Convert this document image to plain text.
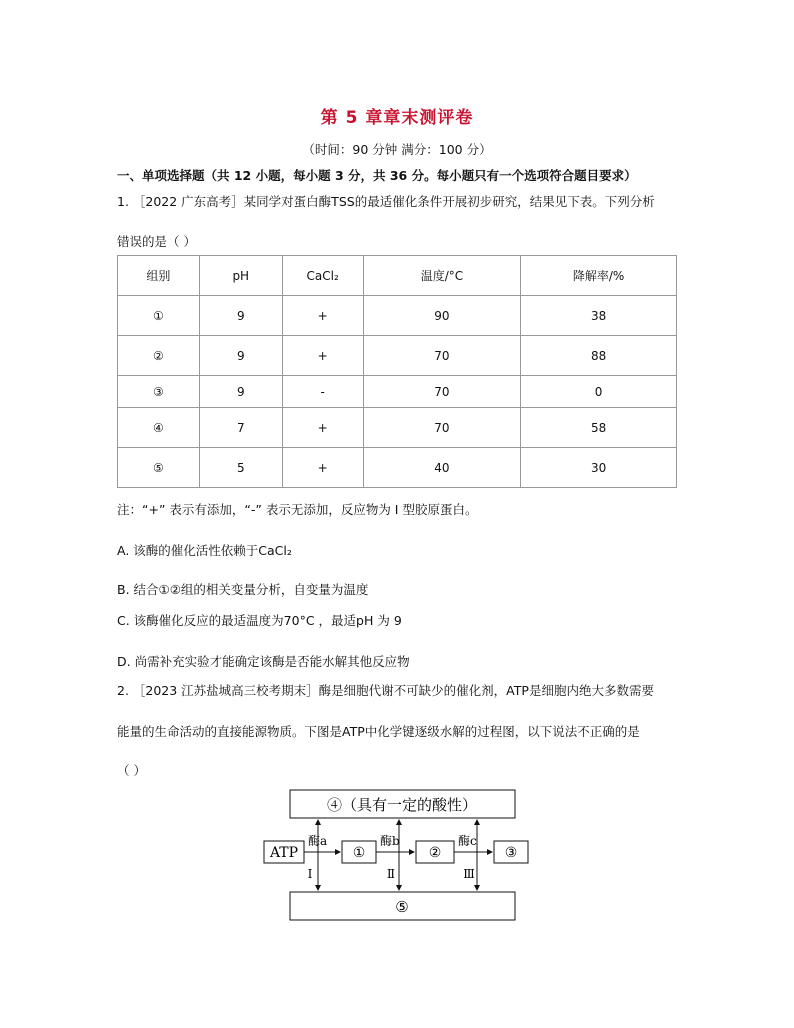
第 5 章章末测评卷
（时间：90 分钟 满分：100 分）
一、单项选择题（共 12 小题，每小题 3 分，共 36 分。每小题只有一个选项符合题目要求）
1. ［2022 广东高考］某同学对蛋白酶TSS的最适催化条件开展初步研究，结果见下表。下列分析
错误的是（ ）
组别	pH	CaCl₂	温度/°C	降解率/%
①	9	+	90	38
②	9	+	70	88
③	9	-	70	0
④	7	+	70	58
⑤	5	+	40	30
注：“+” 表示有添加，“-” 表示无添加，反应物为 I 型胶原蛋白。
A. 该酶的催化活性依赖于CaCl₂
B. 结合①②组的相关变量分析，自变量为温度
C. 该酶催化反应的最适温度为70°C ，最适pH 为 9
D. 尚需补充实验才能确定该酶是否能水解其他反应物
2. ［2023 江苏盐城高三校考期末］酶是细胞代谢不可缺少的催化剂，ATP是细胞内绝大多数需要
能量的生命活动的直接能源物质。下图是ATP中化学键逐级水解的过程图，以下说法不正确的是
（ ）
④（具有一定的酸性）
⑤
ATP	①	②	③
酶a	酶b	酶c
Ⅰ	Ⅱ	Ⅲ
